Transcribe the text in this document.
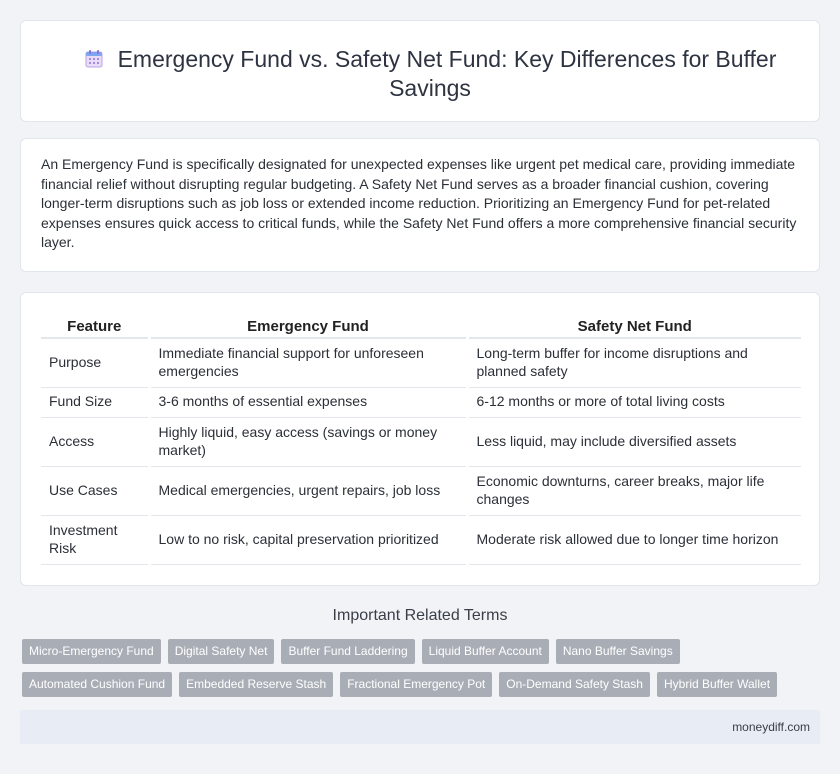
Emergency Fund vs. Safety Net Fund: Key Differences for Buffer Savings

An Emergency Fund is specifically designated for unexpected expenses like urgent pet medical care, providing immediate financial relief without disrupting regular budgeting. A Safety Net Fund serves as a broader financial cushion, covering longer-term disruptions such as job loss or extended income reduction. Prioritizing an Emergency Fund for pet-related expenses ensures quick access to critical funds, while the Safety Net Fund offers a more comprehensive financial security layer.

Feature	Emergency Fund	Safety Net Fund
Purpose	Immediate financial support for unforeseen emergencies	Long-term buffer for income disruptions and planned safety
Fund Size	3-6 months of essential expenses	6-12 months or more of total living costs
Access	Highly liquid, easy access (savings or money market)	Less liquid, may include diversified assets
Use Cases	Medical emergencies, urgent repairs, job loss	Economic downturns, career breaks, major life changes
Investment Risk	Low to no risk, capital preservation prioritized	Moderate risk allowed due to longer time horizon
Important Related Terms
Micro-Emergency Fund	Digital Safety Net	Buffer Fund Laddering	Liquid Buffer Account	Nano Buffer Savings
Automated Cushion Fund	Embedded Reserve Stash	Fractional Emergency Pot	On-Demand Safety Stash	Hybrid Buffer Wallet
moneydiff.com
